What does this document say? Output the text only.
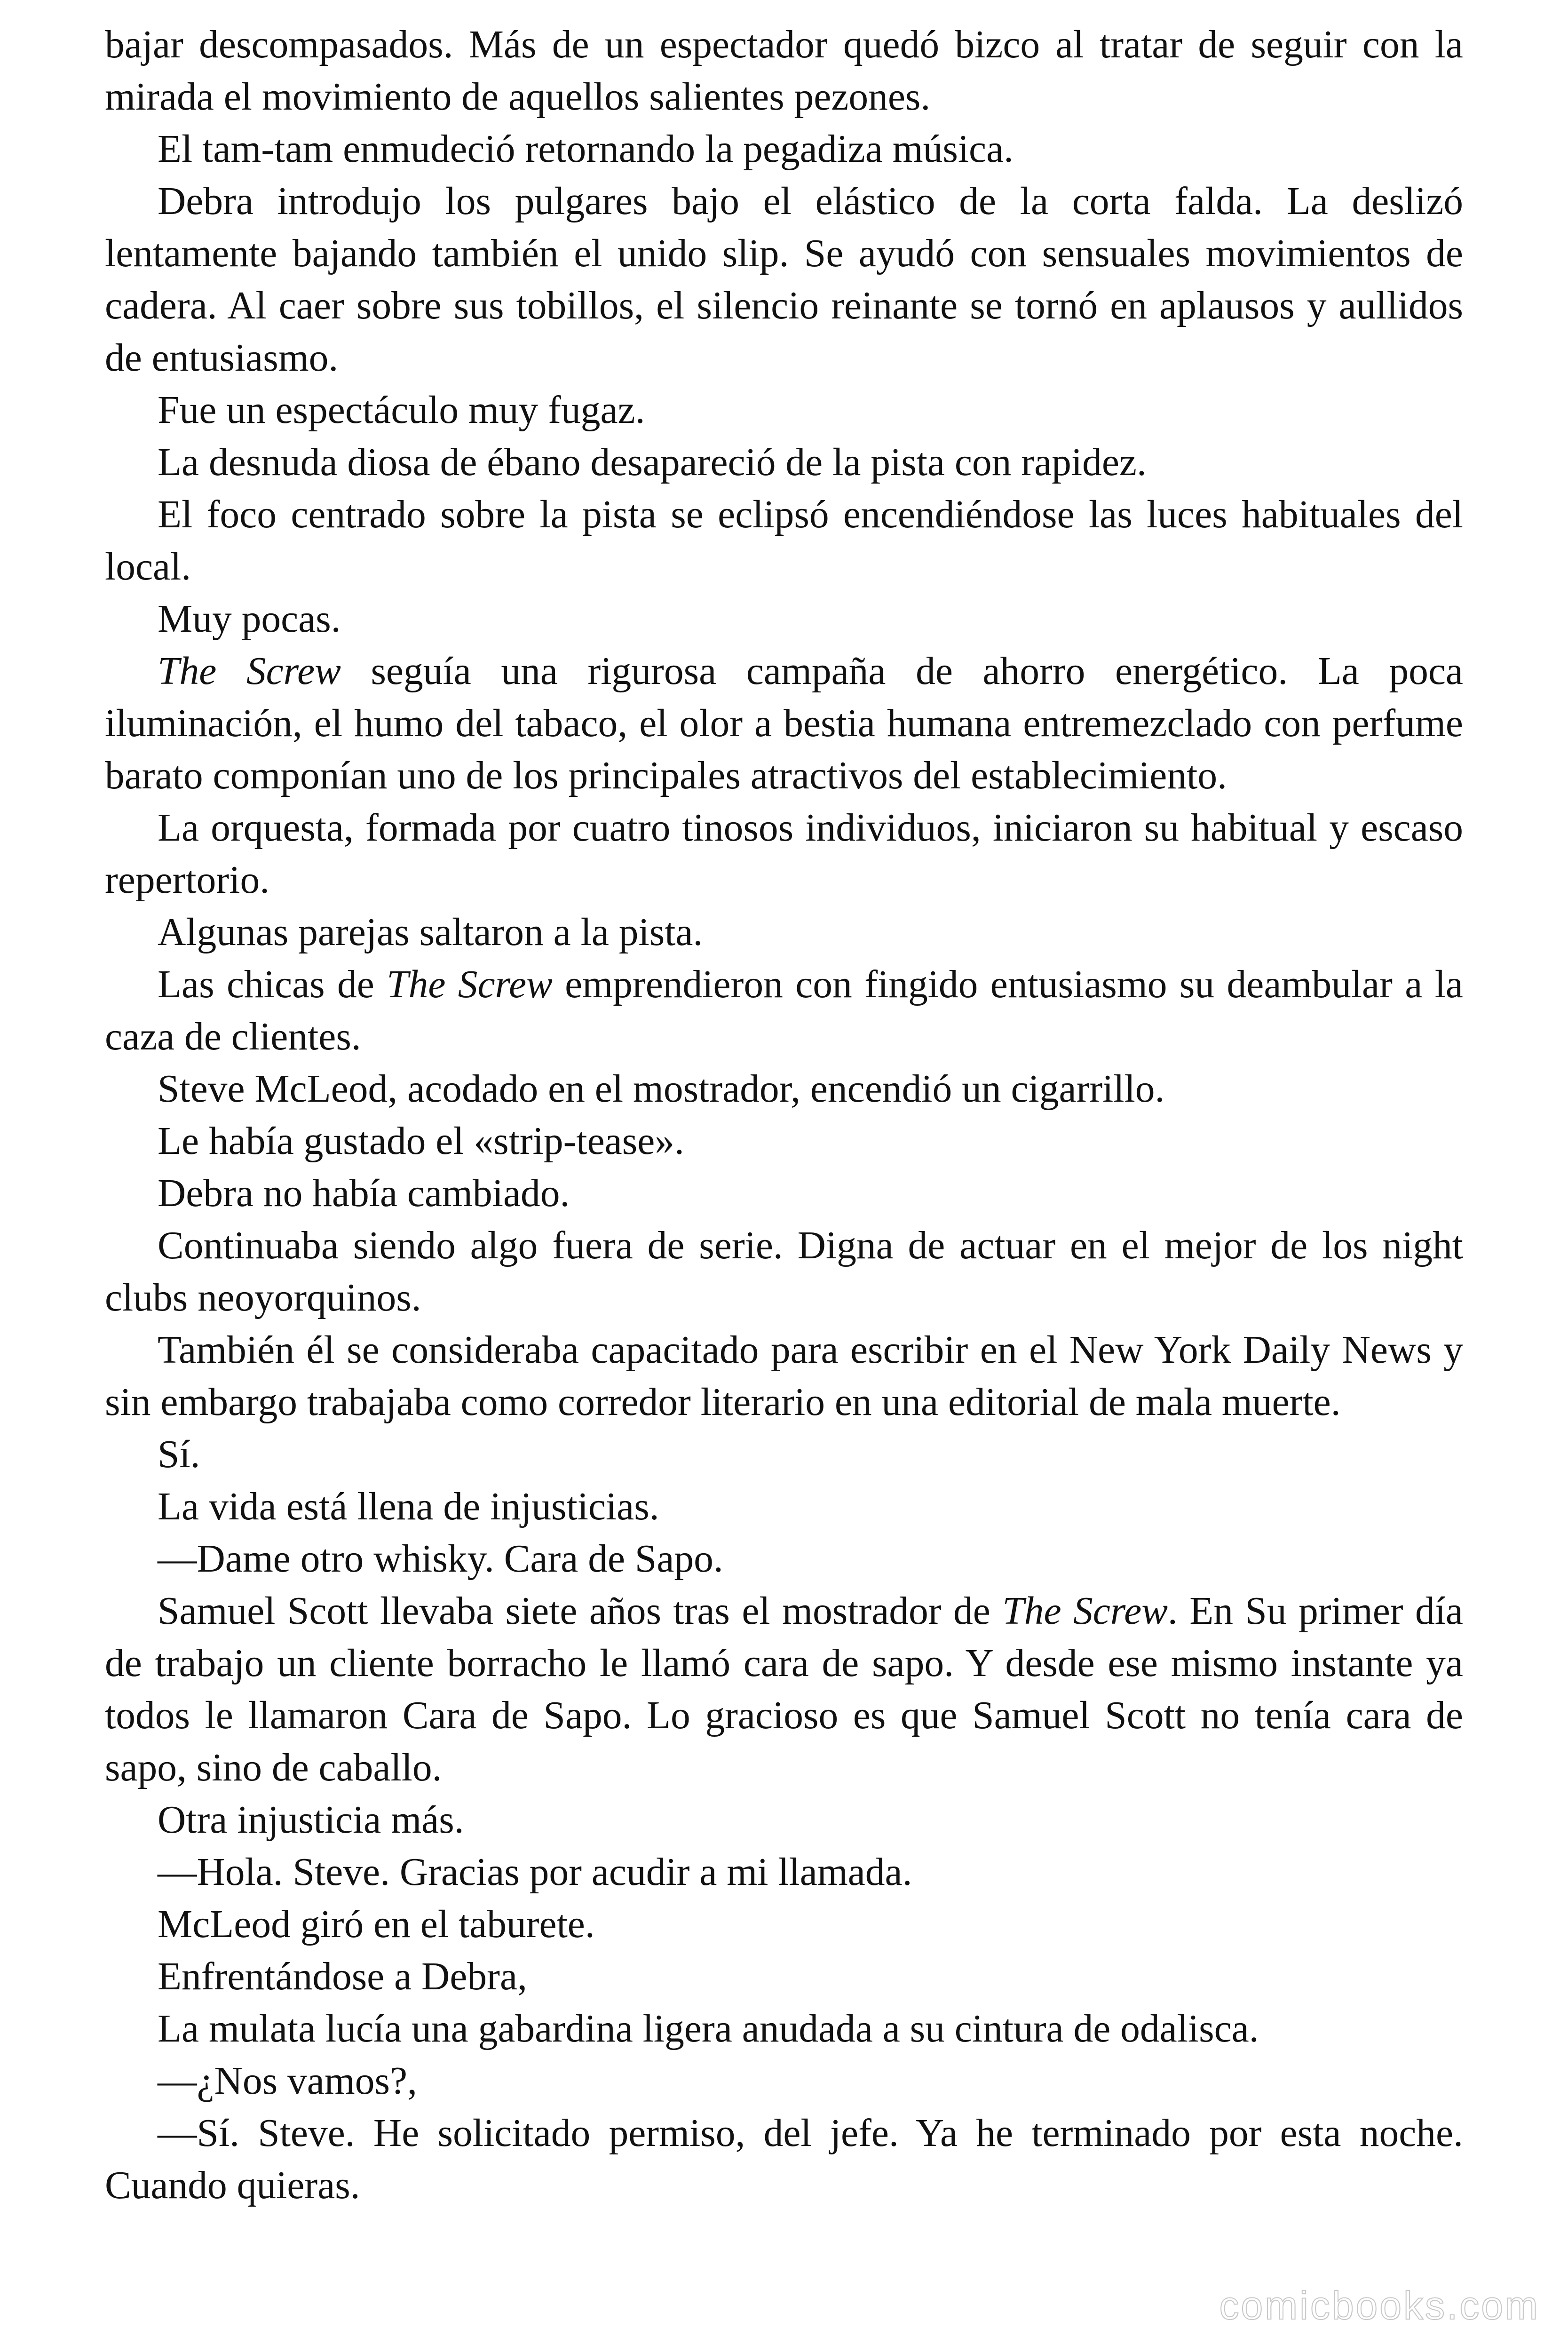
bajar descompasados. Más de un espectador quedó bizco al tratar de seguir con la mirada el movimiento de aquellos salientes pezones.

El tam-tam enmudeció retornando la pegadiza música.

Debra introdujo los pulgares bajo el elástico de la corta falda. La deslizó lentamente bajando también el unido slip. Se ayudó con sensuales movimientos de cadera. Al caer sobre sus tobillos, el silencio reinante se tornó en aplausos y aullidos de entusiasmo.

Fue un espectáculo muy fugaz.

La desnuda diosa de ébano desapareció de la pista con rapidez.

El foco centrado sobre la pista se eclipsó encendiéndose las luces habituales del local.

Muy pocas.

The Screw seguía una rigurosa campaña de ahorro energético. La poca iluminación, el humo del tabaco, el olor a bestia humana entremezclado con perfume barato componían uno de los principales atractivos del establecimiento.

La orquesta, formada por cuatro tinosos individuos, iniciaron su habitual y escaso repertorio.

Algunas parejas saltaron a la pista.

Las chicas de The Screw emprendieron con fingido entusiasmo su deambular a la caza de clientes.

Steve McLeod, acodado en el mostrador, encendió un cigarrillo.

Le había gustado el «strip-tease».

Debra no había cambiado.

Continuaba siendo algo fuera de serie. Digna de actuar en el mejor de los night clubs neoyorquinos.

También él se consideraba capacitado para escribir en el New York Daily News y sin embargo trabajaba como corredor literario en una editorial de mala muerte.

Sí.

La vida está llena de injusticias.

—Dame otro whisky. Cara de Sapo.

Samuel Scott llevaba siete años tras el mostrador de The Screw. En Su primer día de trabajo un cliente borracho le llamó cara de sapo. Y desde ese mismo instante ya todos le llamaron Cara de Sapo. Lo gracioso es que Samuel Scott no tenía cara de sapo, sino de caballo.

Otra injusticia más.

—Hola. Steve. Gracias por acudir a mi llamada.

McLeod giró en el taburete.

Enfrentándose a Debra,

La mulata lucía una gabardina ligera anudada a su cintura de odalisca.

—¿Nos vamos?,

—Sí. Steve. He solicitado permiso, del jefe. Ya he terminado por esta noche. Cuando quieras.

comicbooks.com
